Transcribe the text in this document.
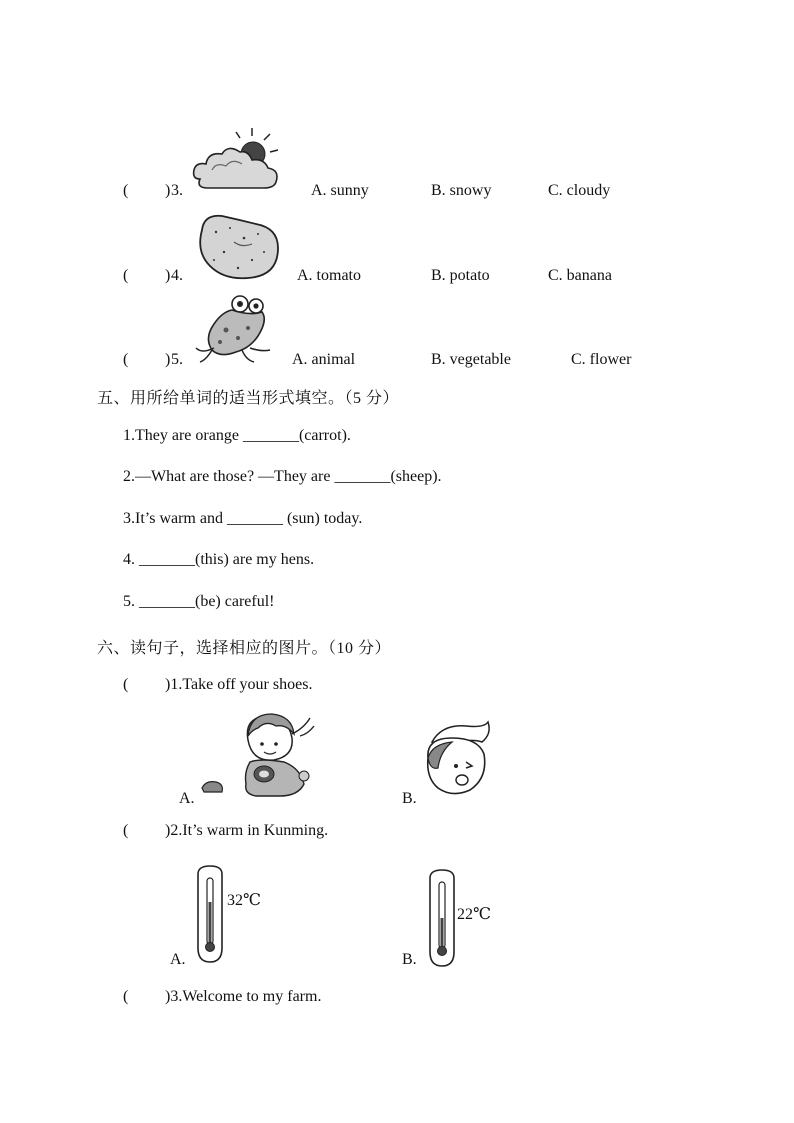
( ) 3.	A. sunny	B. snowy	C. cloudy
( ) 4.	A. tomato	B. potato	C. banana
( ) 5.	A. animal	B. vegetable	C. flower
五、用所给单词的适当形式填空。（5 分）
1.They are orange _______(carrot).
2.—What are those? —They are _______(sheep).
3.It’s warm and _______ (sun) today.
4. _______(this) are my hens.
5. _______(be) careful!
六、读句子，选择相应的图片。（10 分）
( )1.Take off your shoes.
A.	B.
( )2.It’s warm in Kunming.
32℃
A.
22℃
B.
( )3.Welcome to my farm.
